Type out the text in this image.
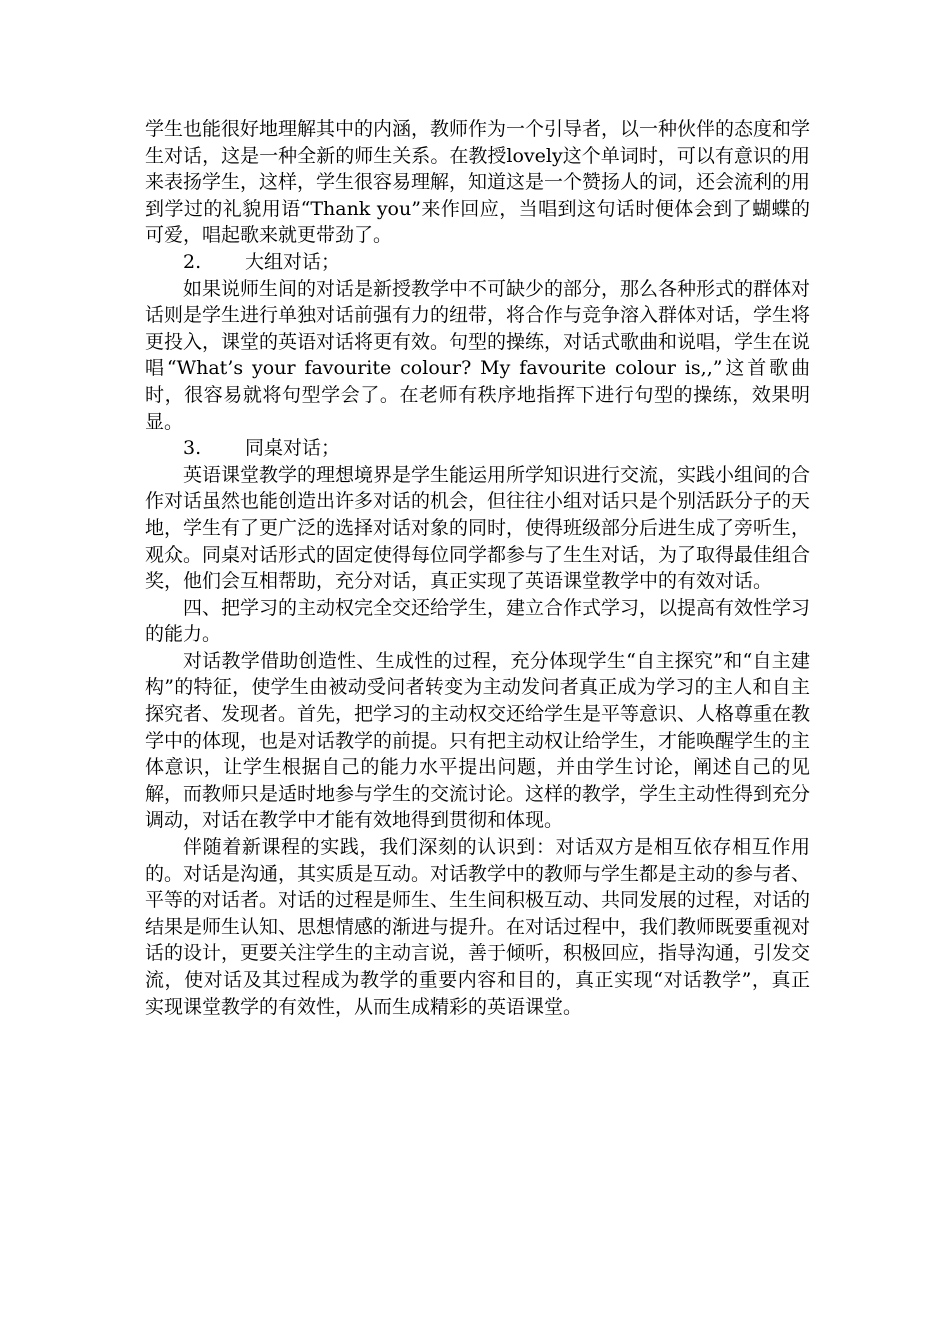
学生也能很好地理解其中的内涵，教师作为一个引导者，以一种伙伴的态度和学生对话，这是一种全新的师生关系。在教授lovely这个单词时，可以有意识的用来表扬学生，这样，学生很容易理解，知道这是一个赞扬人的词，还会流利的用到学过的礼貌用语“Thank you”来作回应，当唱到这句话时便体会到了蝴蝶的可爱，唱起歌来就更带劲了。

2. 大组对话；

如果说师生间的对话是新授教学中不可缺少的部分，那么各种形式的群体对话则是学生进行单独对话前强有力的纽带，将合作与竞争溶入群体对话，学生将更投入，课堂的英语对话将更有效。句型的操练，对话式歌曲和说唱，学生在说唱“What’s your favourite colour? My favourite colour is,,”这首歌曲时，很容易就将句型学会了。在老师有秩序地指挥下进行句型的操练，效果明显。

3. 同桌对话；

英语课堂教学的理想境界是学生能运用所学知识进行交流，实践小组间的合作对话虽然也能创造出许多对话的机会，但往往小组对话只是个别活跃分子的天地，学生有了更广泛的选择对话对象的同时，使得班级部分后进生成了旁听生，观众。同桌对话形式的固定使得每位同学都参与了生生对话，为了取得最佳组合奖，他们会互相帮助，充分对话，真正实现了英语课堂教学中的有效对话。

四、把学习的主动权完全交还给学生，建立合作式学习，以提高有效性学习的能力。

对话教学借助创造性、生成性的过程，充分体现学生“自主探究”和“自主建构”的特征，使学生由被动受问者转变为主动发问者真正成为学习的主人和自主探究者、发现者。首先，把学习的主动权交还给学生是平等意识、人格尊重在教学中的体现，也是对话教学的前提。只有把主动权让给学生，才能唤醒学生的主体意识，让学生根据自己的能力水平提出问题，并由学生讨论，阐述自己的见解，而教师只是适时地参与学生的交流讨论。这样的教学，学生主动性得到充分调动，对话在教学中才能有效地得到贯彻和体现。

伴随着新课程的实践，我们深刻的认识到：对话双方是相互依存相互作用的。对话是沟通，其实质是互动。对话教学中的教师与学生都是主动的参与者、平等的对话者。对话的过程是师生、生生间积极互动、共同发展的过程，对话的结果是师生认知、思想情感的渐进与提升。在对话过程中，我们教师既要重视对话的设计，更要关注学生的主动言说，善于倾听，积极回应，指导沟通，引发交流，使对话及其过程成为教学的重要内容和目的，真正实现“对话教学”，真正实现课堂教学的有效性，从而生成精彩的英语课堂。
